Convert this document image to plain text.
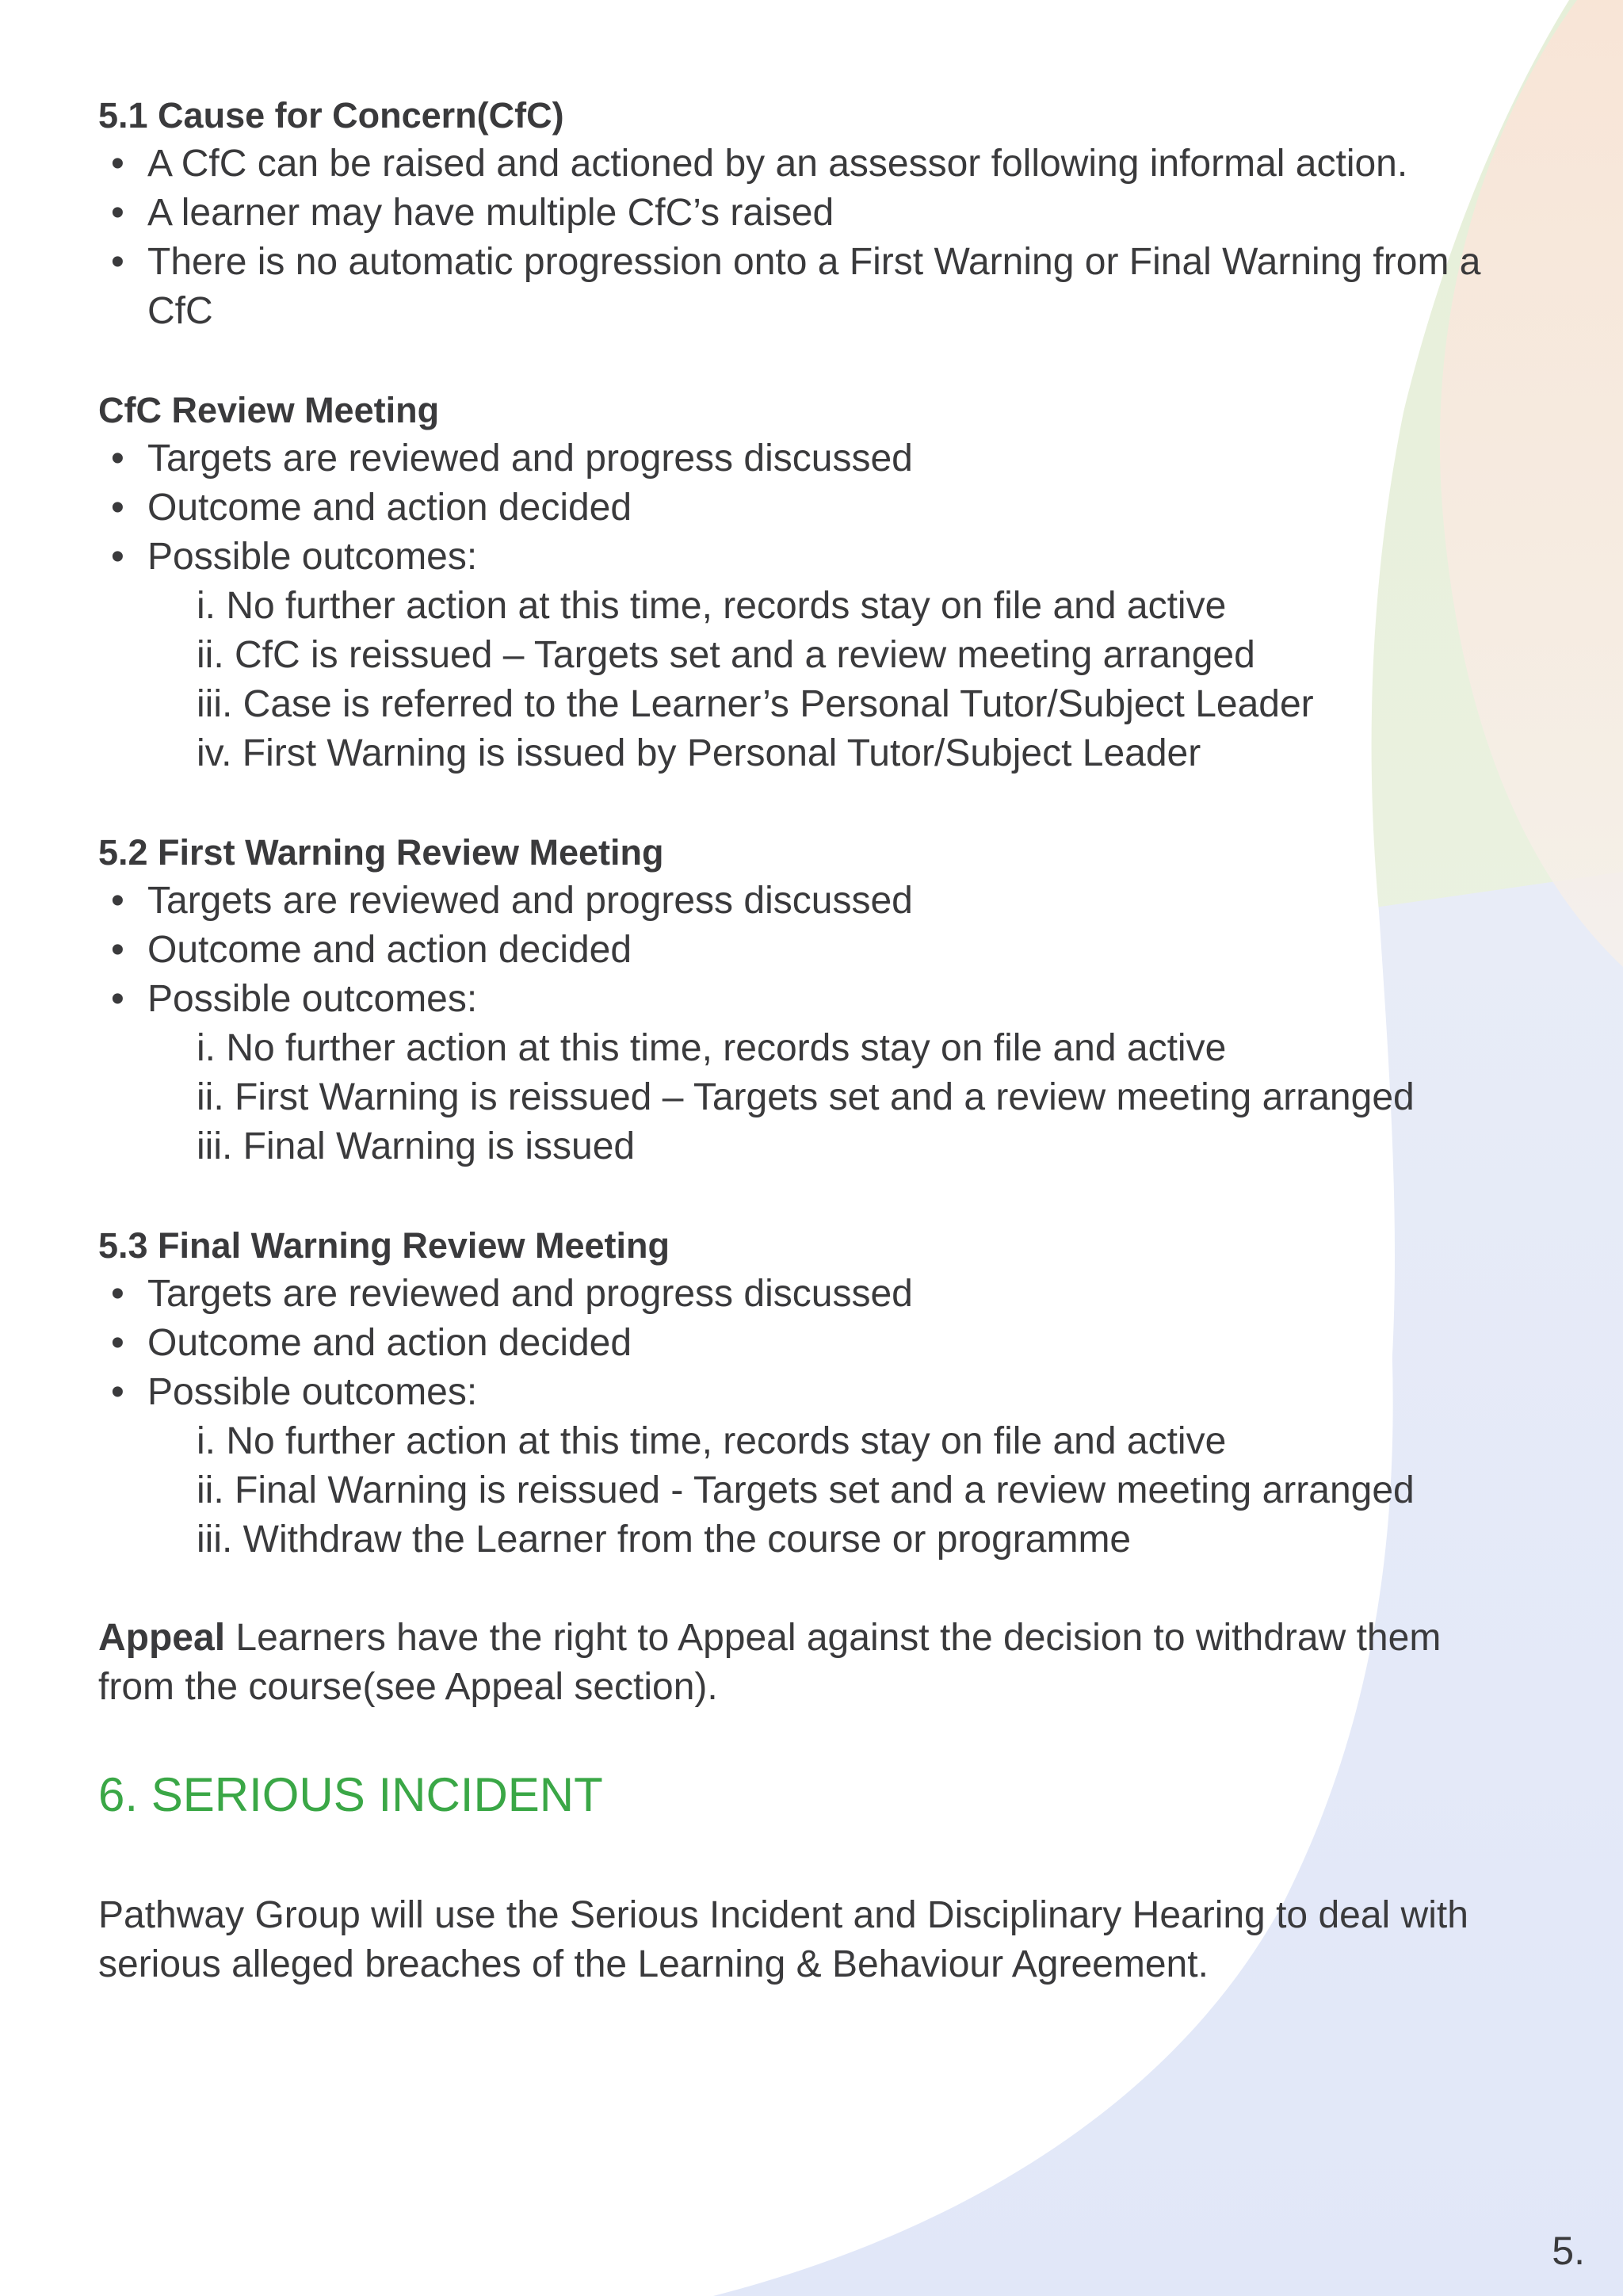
5.1 Cause for Concern(CfC)
• A CfC can be raised and actioned by an assessor following informal action.
• A learner may have multiple CfC’s raised
• There is no automatic progression onto a First Warning or Final Warning from a
CfC
CfC Review Meeting
• Targets are reviewed and progress discussed
• Outcome and action decided
• Possible outcomes:
i. No further action at this time, records stay on file and active
ii. CfC is reissued – Targets set and a review meeting arranged
iii. Case is referred to the Learner’s Personal Tutor/Subject Leader
iv. First Warning is issued by Personal Tutor/Subject Leader
5.2 First Warning Review Meeting
• Targets are reviewed and progress discussed
• Outcome and action decided
• Possible outcomes:
i. No further action at this time, records stay on file and active
ii. First Warning is reissued – Targets set and a review meeting arranged
iii. Final Warning is issued
5.3 Final Warning Review Meeting
• Targets are reviewed and progress discussed
• Outcome and action decided
• Possible outcomes:
i. No further action at this time, records stay on file and active
ii. Final Warning is reissued - Targets set and a review meeting arranged
iii. Withdraw the Learner from the course or programme
Appeal Learners have the right to Appeal against the decision to withdraw them
from the course(see Appeal section).
6. SERIOUS INCIDENT
Pathway Group will use the Serious Incident and Disciplinary Hearing to deal with
serious alleged breaches of the Learning & Behaviour Agreement.
5.
